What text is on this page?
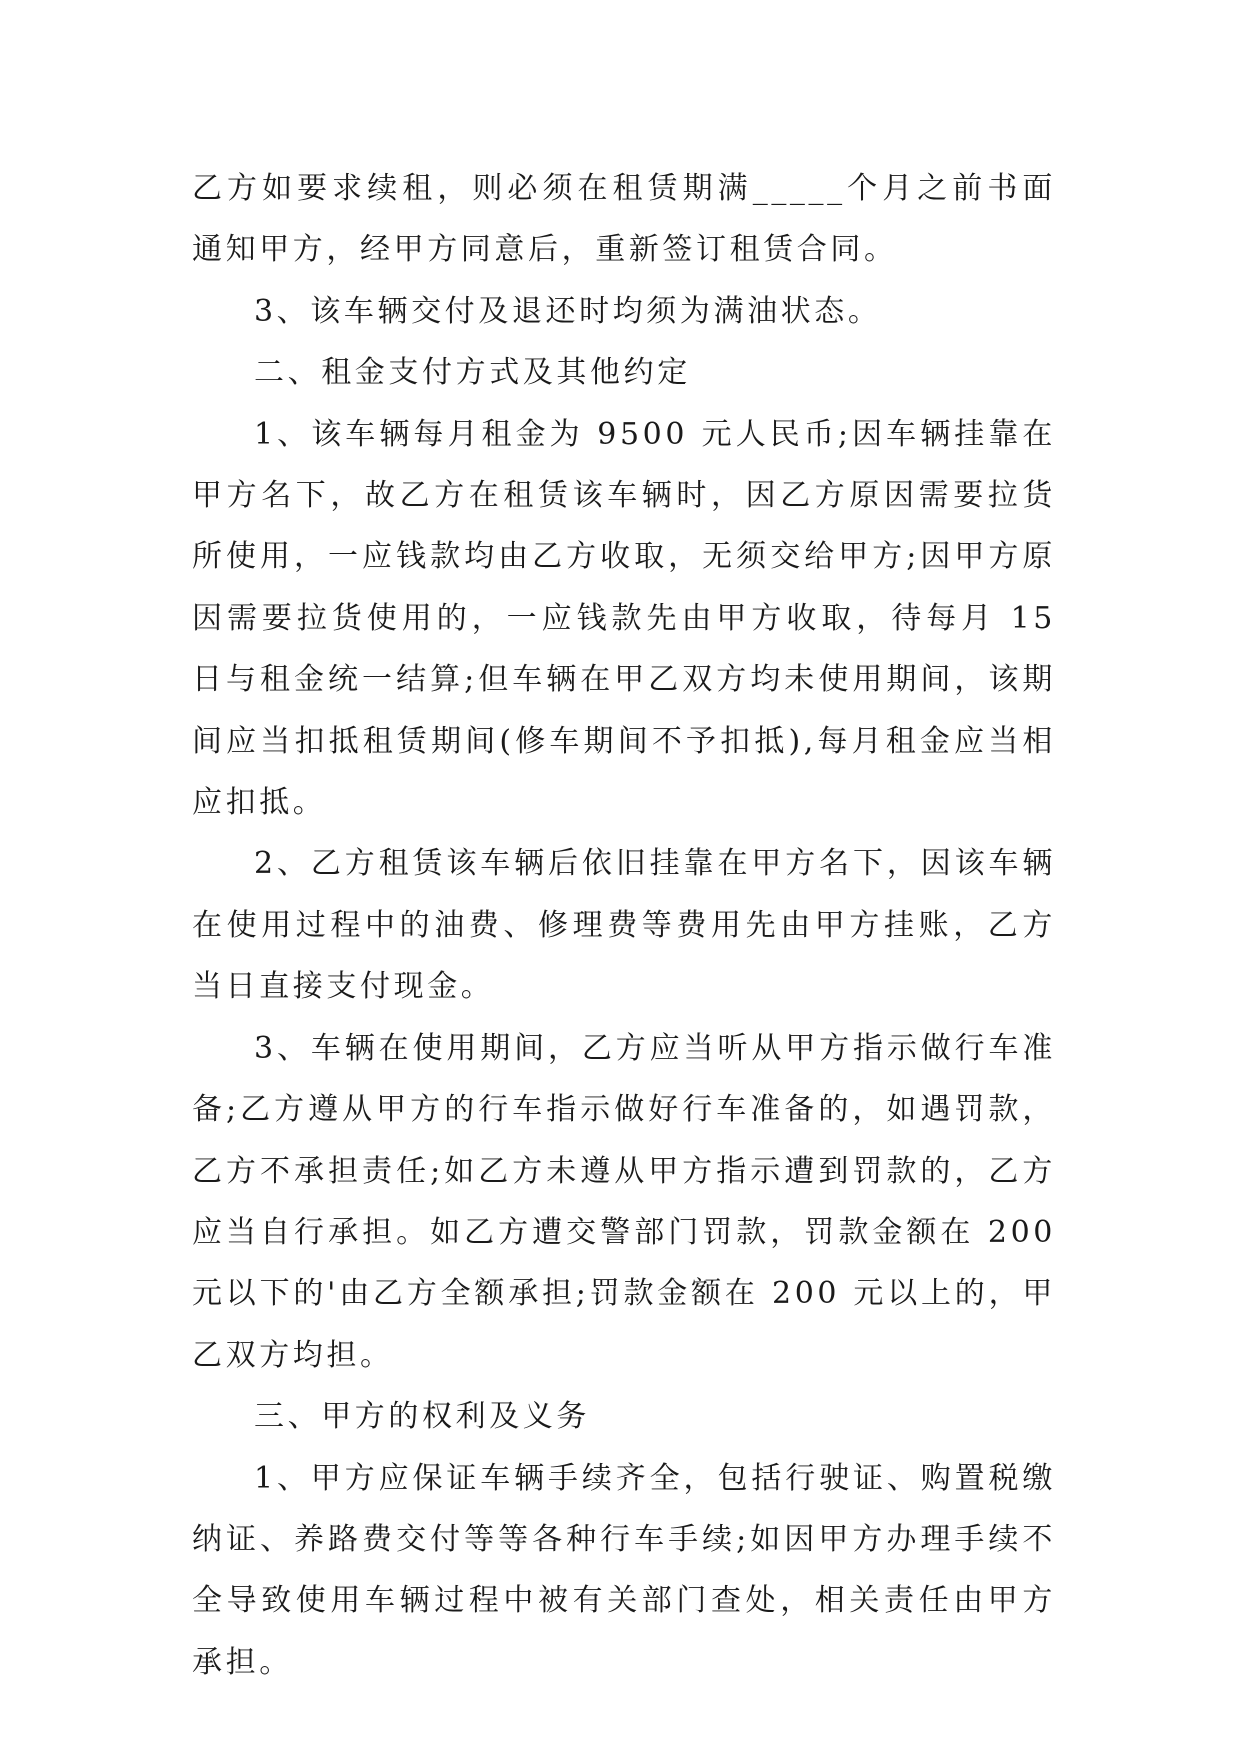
乙方如要求续租，则必须在租赁期满_____个月之前书面通知甲方，经甲方同意后，重新签订租赁合同。

3、该车辆交付及退还时均须为满油状态。

二、租金支付方式及其他约定

1、该车辆每月租金为 9500 元人民币;因车辆挂靠在甲方名下，故乙方在租赁该车辆时，因乙方原因需要拉货所使用，一应钱款均由乙方收取，无须交给甲方;因甲方原因需要拉货使用的，一应钱款先由甲方收取，待每月 15 日与租金统一结算;但车辆在甲乙双方均未使用期间，该期间应当扣抵租赁期间(修车期间不予扣抵),每月租金应当相应扣抵。

2、乙方租赁该车辆后依旧挂靠在甲方名下，因该车辆在使用过程中的油费、修理费等费用先由甲方挂账，乙方当日直接支付现金。

3、车辆在使用期间，乙方应当听从甲方指示做行车准备;乙方遵从甲方的行车指示做好行车准备的，如遇罚款，乙方不承担责任;如乙方未遵从甲方指示遭到罚款的，乙方应当自行承担。如乙方遭交警部门罚款，罚款金额在 200 元以下的'由乙方全额承担;罚款金额在 200 元以上的，甲乙双方均担。

三、甲方的权利及义务

1、甲方应保证车辆手续齐全，包括行驶证、购置税缴纳证、养路费交付等等各种行车手续;如因甲方办理手续不全导致使用车辆过程中被有关部门查处，相关责任由甲方承担。
